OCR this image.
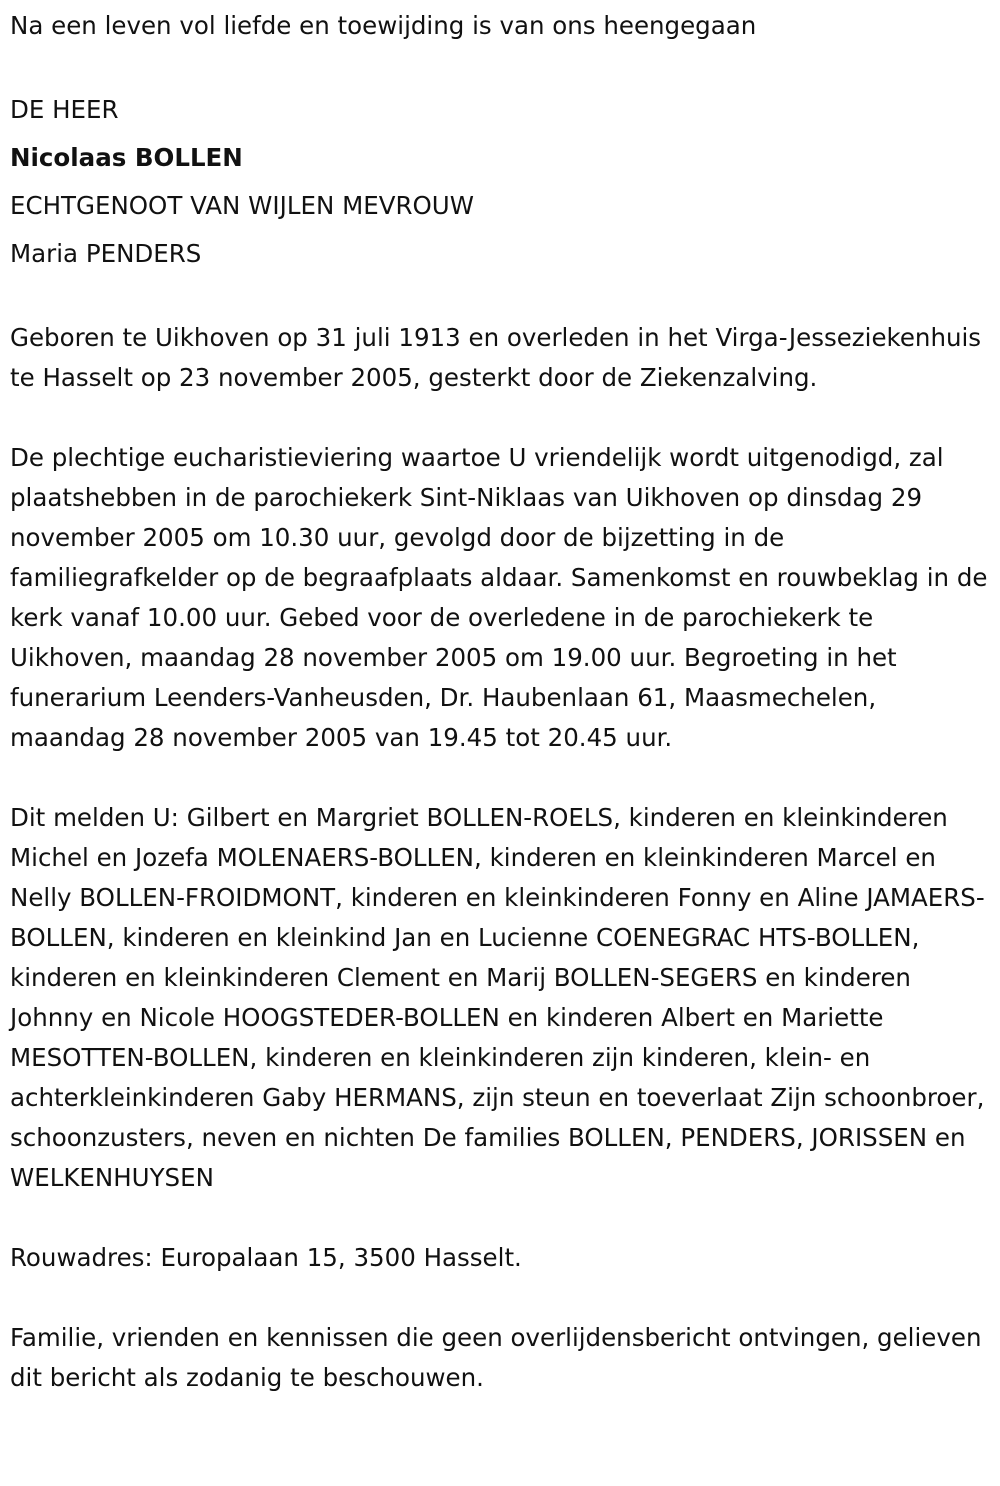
Na een leven vol liefde en toewijding is van ons heengegaan

DE HEER

Nicolaas BOLLEN

ECHTGENOOT VAN WIJLEN MEVROUW

Maria PENDERS

Geboren te Uikhoven op 31 juli 1913 en overleden in het Virga-Jesseziekenhuis te Hasselt op 23 november 2005, gesterkt door de Ziekenzalving.

De plechtige eucharistieviering waartoe U vriendelijk wordt uitgenodigd, zal plaatshebben in de parochiekerk Sint-Niklaas van Uikhoven op dinsdag 29 november 2005 om 10.30 uur, gevolgd door de bijzetting in de familiegrafkelder op de begraafplaats aldaar. Samenkomst en rouwbeklag in de kerk vanaf 10.00 uur. Gebed voor de overledene in de parochiekerk te Uikhoven, maandag 28 november 2005 om 19.00 uur. Begroeting in het funerarium Leenders-Vanheusden, Dr. Haubenlaan 61, Maasmechelen, maandag 28 november 2005 van 19.45 tot 20.45 uur.

Dit melden U: Gilbert en Margriet BOLLEN-ROELS, kinderen en kleinkinderen Michel en Jozefa MOLENAERS-BOLLEN, kinderen en kleinkinderen Marcel en Nelly BOLLEN-FROIDMONT, kinderen en kleinkinderen Fonny en Aline JAMAERS-BOLLEN, kinderen en kleinkind Jan en Lucienne COENEGRAC HTS-BOLLEN, kinderen en kleinkinderen Clement en Marij BOLLEN-SEGERS en kinderen Johnny en Nicole HOOGSTEDER-BOLLEN en kinderen Albert en Mariette MESOTTEN-BOLLEN, kinderen en kleinkinderen zijn kinderen, klein- en achterkleinkinderen Gaby HERMANS, zijn steun en toeverlaat Zijn schoonbroer, schoonzusters, neven en nichten De families BOLLEN, PENDERS, JORISSEN en WELKENHUYSEN

Rouwadres: Europalaan 15, 3500 Hasselt.

Familie, vrienden en kennissen die geen overlijdensbericht ontvingen, gelieven dit bericht als zodanig te beschouwen.
